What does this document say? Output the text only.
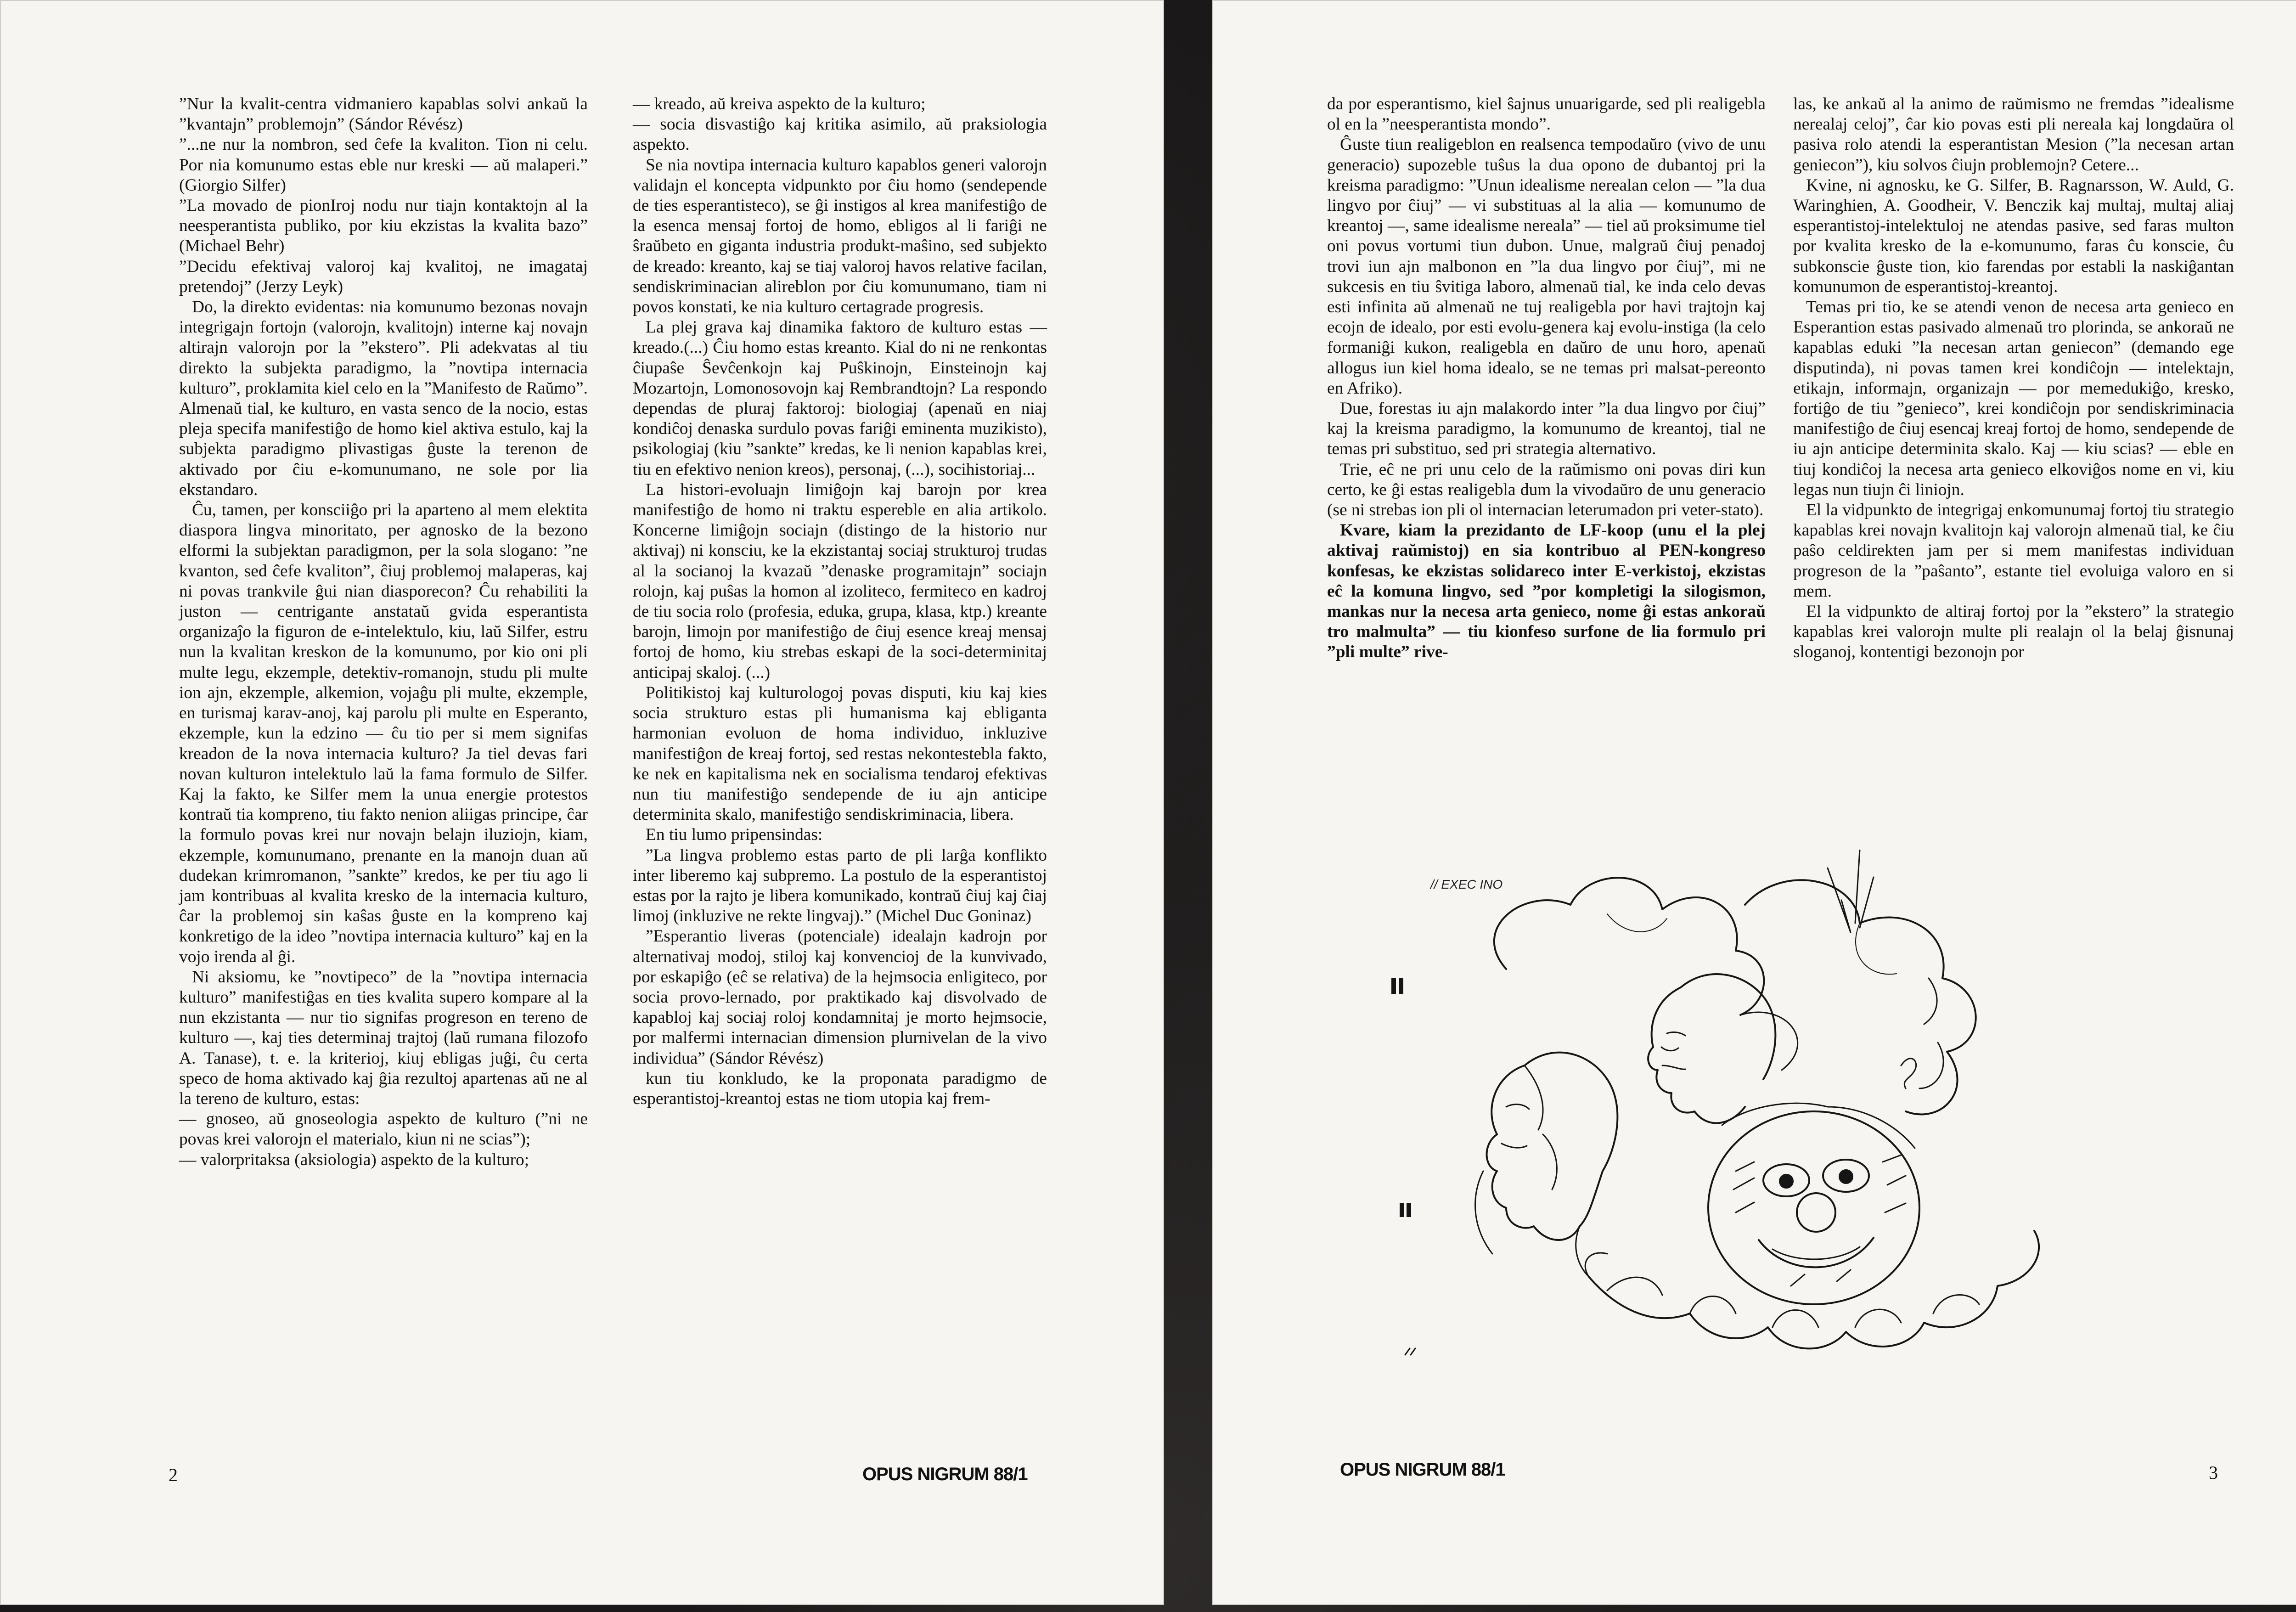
”Nur la kvalit-centra vidmaniero kapablas solvi ankaŭ la ”kvantajn” problemojn” (Sándor Révész)

”...ne nur la nombron, sed ĉefe la kvaliton. Tion ni celu. Por nia komunumo estas eble nur kreski — aŭ malaperi.” (Giorgio Silfer)

”La movado de pionIroj nodu nur tiajn kontaktojn al la neesperantista publiko, por kiu ekzistas la kvalita bazo” (Michael Behr)

”Decidu efektivaj valoroj kaj kvalitoj, ne imagataj pretendoj” (Jerzy Leyk)

Do, la direkto evidentas: nia komunumo bezonas novajn integrigajn fortojn (valorojn, kvalitojn) interne kaj novajn altirajn valorojn por la ”ekstero”. Pli adekvatas al tiu direkto la subjekta paradigmo, la ”novtipa internacia kulturo”, proklamita kiel celo en la ”Manifesto de Raŭmo”. Almenaŭ tial, ke kulturo, en vasta senco de la nocio, estas pleja specifa manifestiĝo de homo kiel aktiva estulo, kaj la subjekta paradigmo plivastigas ĝuste la terenon de aktivado por ĉiu e-komunumano, ne sole por lia ekstandaro.

Ĉu, tamen, per konsciiĝo pri la aparteno al mem elektita diaspora lingva minoritato, per agnosko de la bezono elformi la subjektan paradigmon, per la sola slogano: ”ne kvanton, sed ĉefe kvaliton”, ĉiuj problemoj malaperas, kaj ni povas trankvile ĝui nian diasporecon? Ĉu rehabiliti la juston — centrigante anstataŭ gvida esperantista organizaĵo la figuron de e-intelektulo, kiu, laŭ Silfer, estru nun la kvalitan kreskon de la komunumo, por kio oni pli multe legu, ekzemple, detektiv-romanojn, studu pli multe ion ajn, ekzemple, alkemion, vojaĝu pli multe, ekzemple, en turismaj karav-anoj, kaj parolu pli multe en Esperanto, ekzemple, kun la edzino — ĉu tio per si mem signifas kreadon de la nova internacia kulturo? Ja tiel devas fari novan kulturon intelektulo laŭ la fama formulo de Silfer. Kaj la fakto, ke Silfer mem la unua energie protestos kontraŭ tia kompreno, tiu fakto nenion aliigas principe, ĉar la formulo povas krei nur novajn belajn iluziojn, kiam, ekzemple, komunumano, prenante en la manojn duan aŭ dudekan krimromanon, ”sankte” kredos, ke per tiu ago li jam kontribuas al kvalita kresko de la internacia kulturo, ĉar la problemoj sin kaŝas ĝuste en la kompreno kaj konkretigo de la ideo ”novtipa internacia kulturo” kaj en la vojo irenda al ĝi.

Ni aksiomu, ke ”novtipeco” de la ”novtipa internacia kulturo” manifestiĝas en ties kvalita supero kompare al la nun ekzistanta — nur tio signifas progreson en tereno de kulturo —, kaj ties determinaj trajtoj (laŭ rumana filozofo A. Tanase), t. e. la kriterioj, kiuj ebligas juĝi, ĉu certa speco de homa aktivado kaj ĝia rezultoj apartenas aŭ ne al la tereno de kulturo, estas:

— gnoseo, aŭ gnoseologia aspekto de kulturo (”ni ne povas krei valorojn el materialo, kiun ni ne scias”);

— valorpritaksa (aksiologia) aspekto de la kulturo;

— kreado, aŭ kreiva aspekto de la kulturo;

— socia disvastiĝo kaj kritika asimilo, aŭ praksiologia aspekto.

Se nia novtipa internacia kulturo kapablos generi valorojn validajn el koncepta vidpunkto por ĉiu homo (sendepende de ties esperantisteco), se ĝi instigos al krea manifestiĝo de la esenca mensaj fortoj de homo, ebligos al li fariĝi ne ŝraŭbeto en giganta industria produkt-maŝino, sed subjekto de kreado: kreanto, kaj se tiaj valoroj havos relative facilan, sendiskriminacian alireblon por ĉiu komunumano, tiam ni povos konstati, ke nia kulturo certagrade progresis.

La plej grava kaj dinamika faktoro de kulturo estas — kreado.(...) Ĉiu homo estas kreanto. Kial do ni ne renkontas ĉiupaŝe Ŝevĉenkojn kaj Puŝkinojn, Einsteinojn kaj Mozartojn, Lomonosovojn kaj Rembrandtojn? La respondo dependas de pluraj faktoroj: biologiaj (apenaŭ en niaj kondiĉoj denaska surdulo povas fariĝi eminenta muzikisto), psikologiaj (kiu ”sankte” kredas, ke li nenion kapablas krei, tiu en efektivo nenion kreos), personaj, (...), socihistoriaj...

La histori-evoluajn limiĝojn kaj barojn por krea manifestiĝo de homo ni traktu espereble en alia artikolo. Koncerne limiĝojn sociajn (distingo de la historio nur aktivaj) ni konsciu, ke la ekzistantaj sociaj strukturoj trudas al la socianoj la kvazaŭ ”denaske programitajn” sociajn rolojn, kaj puŝas la homon al izoliteco, fermiteco en kadroj de tiu socia rolo (profesia, eduka, grupa, klasa, ktp.) kreante barojn, limojn por manifestiĝo de ĉiuj esence kreaj mensaj fortoj de homo, kiu strebas eskapi de la soci-determinitaj anticipaj skaloj. (...)

Politikistoj kaj kulturologoj povas disputi, kiu kaj kies socia strukturo estas pli humanisma kaj ebliganta harmonian evoluon de homa individuo, inkluzive manifestiĝon de kreaj fortoj, sed restas nekontestebla fakto, ke nek en kapitalisma nek en socialisma tendaroj efektivas nun tiu manifestiĝo sendepende de iu ajn anticipe determinita skalo, manifestiĝo sendiskriminacia, libera.

En tiu lumo pripensindas:

”La lingva problemo estas parto de pli larĝa konflikto inter liberemo kaj subpremo. La postulo de la esperantistoj estas por la rajto je libera komunikado, kontraŭ ĉiuj kaj ĉiaj limoj (inkluzive ne rekte lingvaj).” (Michel Duc Goninaz)

”Esperantio liveras (potenciale) idealajn kadrojn por alternativaj modoj, stiloj kaj konvencioj de la kunvivado, por eskapiĝo (eĉ se relativa) de la hejmsocia enligiteco, por socia provo-lernado, por praktikado kaj disvolvado de kapabloj kaj sociaj roloj kondamnitaj je morto hejmsocie, por malfermi internacian dimension plurnivelan de la vivo individua” (Sándor Révész)

kun tiu konkludo, ke la proponata paradigmo de esperantistoj-kreantoj estas ne tiom utopia kaj frem-

2	OPUS NIGRUM 88/1

da por esperantismo, kiel ŝajnus unuarigarde, sed pli realigebla ol en la ”neesperantista mondo”.

Ĝuste tiun realigeblon en realsenca tempodaŭro (vivo de unu generacio) supozeble tuŝus la dua opono de dubantoj pri la kreisma paradigmo: ”Unun idealisme nerealan celon — ”la dua lingvo por ĉiuj” — vi substituas al la alia — komunumo de kreantoj —, same idealisme nereala” — tiel aŭ proksimume tiel oni povus vortumi tiun dubon. Unue, malgraŭ ĉiuj penadoj trovi iun ajn malbonon en ”la dua lingvo por ĉiuj”, mi ne sukcesis en tiu ŝvitiga laboro, almenaŭ tial, ke inda celo devas esti infinita aŭ almenaŭ ne tuj realigebla por havi trajtojn kaj ecojn de idealo, por esti evolu-genera kaj evolu-instiga (la celo formaniĝi kukon, realigebla en daŭro de unu horo, apenaŭ allogus iun kiel homa idealo, se ne temas pri malsat-pereonto en Afriko).

Due, forestas iu ajn malakordo inter ”la dua lingvo por ĉiuj” kaj la kreisma paradigmo, la komunumo de kreantoj, tial ne temas pri substituo, sed pri strategia alternativo.

Trie, eĉ ne pri unu celo de la raŭmismo oni povas diri kun certo, ke ĝi estas realigebla dum la vivodaŭro de unu generacio (se ni strebas ion pli ol internacian leterumadon pri veter-stato).

Kvare, kiam la prezidanto de LF-koop (unu el la plej aktivaj raŭmistoj) en sia kontribuo al PEN-kongreso konfesas, ke ekzistas solidareco inter E-verkistoj, ekzistas eĉ la komuna lingvo, sed ”por kompletigi la silogismon, mankas nur la necesa arta genieco, nome ĝi estas ankoraŭ tro malmulta” — tiu kionfeso surfone de lia formulo pri ”pli multe” rive-

las, ke ankaŭ al la animo de raŭmismo ne fremdas ”idealisme nerealaj celoj”, ĉar kio povas esti pli nereala kaj longdaŭra ol pasiva rolo atendi la esperantistan Mesion (”la necesan artan geniecon”), kiu solvos ĉiujn problemojn? Cetere...

Kvine, ni agnosku, ke G. Silfer, B. Ragnarsson, W. Auld, G. Waringhien, A. Goodheir, V. Benczik kaj multaj, multaj aliaj esperantistoj-intelektuloj ne atendas pasive, sed faras multon por kvalita kresko de la e-komunumo, faras ĉu konscie, ĉu subkonscie ĝuste tion, kio farendas por establi la naskiĝantan komunumon de esperantistoj-kreantoj.

Temas pri tio, ke se atendi venon de necesa arta genieco en Esperantion estas pasivado almenaŭ tro plorinda, se ankoraŭ ne kapablas eduki ”la necesan artan geniecon” (demando ege disputinda), ni povas tamen krei kondiĉojn — intelektajn, etikajn, informajn, organizajn — por memedukiĝo, kresko, fortiĝo de tiu ”genieco”, krei kondiĉojn por sendiskriminacia manifestiĝo de ĉiuj esencaj kreaj fortoj de homo, sendepende de iu ajn anticipe determinita skalo. Kaj — kiu scias? — eble en tiuj kondiĉoj la necesa arta genieco elkoviĝos nome en vi, kiu legas nun tiujn ĉi liniojn.

El la vidpunkto de integrigaj enkomunumaj fortoj tiu strategio kapablas krei novajn kvalitojn kaj valorojn almenaŭ tial, ke ĉiu paŝo celdirekten jam per si mem manifestas individuan progreson de la ”paŝanto”, estante tiel evoluiga valoro en si mem.

El la vidpunkto de altiraj fortoj por la ”ekstero” la strategio kapablas krei valorojn multe pli realajn ol la belaj ĝisnunaj sloganoj, kontentigi bezonojn por

OPUS NIGRUM 88/1	3
// EXEC INO
